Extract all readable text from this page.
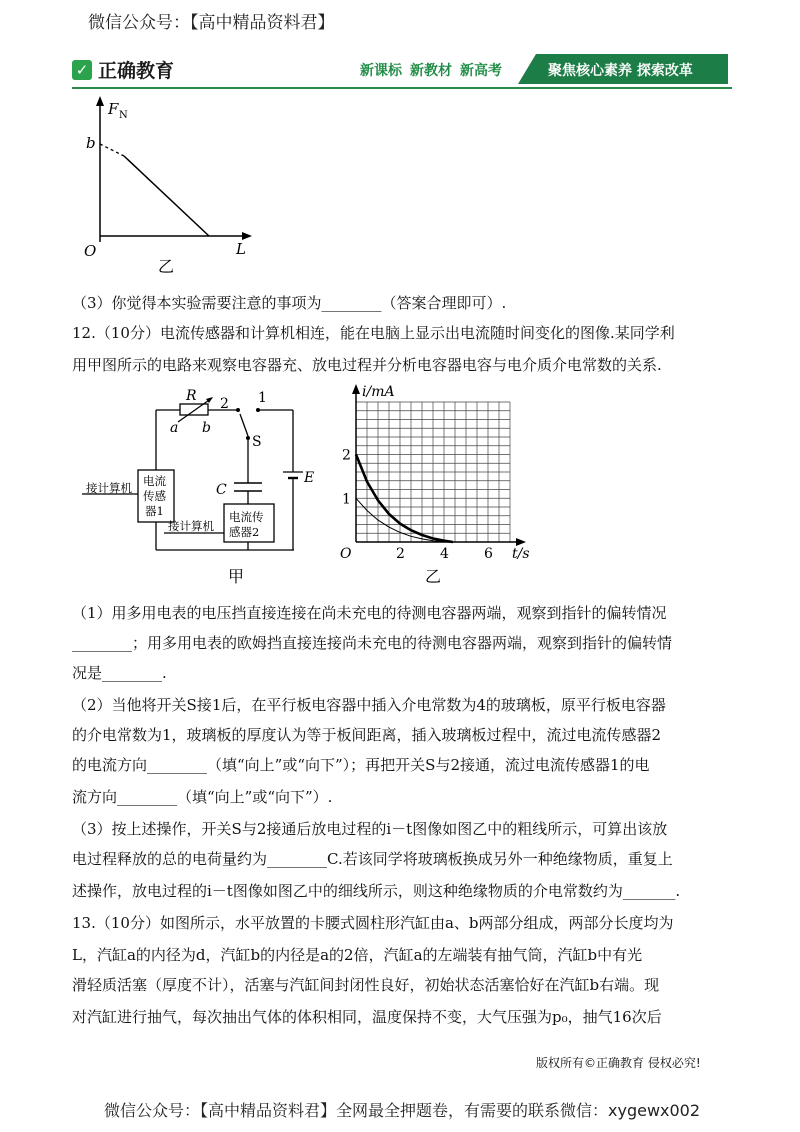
微信公众号：【高中精品资料君】
✓ 正确教育	新课标 新教材 新高考	聚焦核心素养 探索改革
F N
b
O	L
乙
（3）你觉得本实验需要注意的事项为________（答案合理即可）.
12.（10分）电流传感器和计算机相连，能在电脑上显示出电流随时间变化的图像.某同学利
用甲图所示的电路来观察电容器充、放电过程并分析电容器电容与电介质介电常数的关系.
R
a b
2 1
S
E
C
接计算机
接计算机
电流
传感
器1	电流传
感器2
甲
2	4	6
1
2
O
i/mA
t/s
乙
（1）用多用电表的电压挡直接连接在尚未充电的待测电容器两端，观察到指针的偏转情况
________；用多用电表的欧姆挡直接连接尚未充电的待测电容器两端，观察到指针的偏转情
况是________.
（2）当他将开关S接1后，在平行板电容器中插入介电常数为4的玻璃板，原平行板电容器
的介电常数为1，玻璃板的厚度认为等于板间距离，插入玻璃板过程中，流过电流传感器2
的电流方向________（填“向上”或“向下”）；再把开关S与2接通，流过电流传感器1的电
流方向________（填“向上”或“向下”）.
（3）按上述操作，开关S与2接通后放电过程的i－t图像如图乙中的粗线所示，可算出该放
电过程释放的总的电荷量约为________C.若该同学将玻璃板换成另外一种绝缘物质，重复上
述操作，放电过程的i－t图像如图乙中的细线所示，则这种绝缘物质的介电常数约为_______.
13.（10分）如图所示，水平放置的卡腰式圆柱形汽缸由a、b两部分组成，两部分长度均为
L，汽缸a的内径为d，汽缸b的内径是a的2倍，汽缸a的左端装有抽气筒，汽缸b中有光
滑轻质活塞（厚度不计），活塞与汽缸间封闭性良好，初始状态活塞恰好在汽缸b右端。现
对汽缸进行抽气，每次抽出气体的体积相同，温度保持不变，大气压强为p₀，抽气16次后
版权所有©正确教育 侵权必究!
微信公众号：【高中精品资料君】全网最全押题卷，有需要的联系微信：xygewx002
